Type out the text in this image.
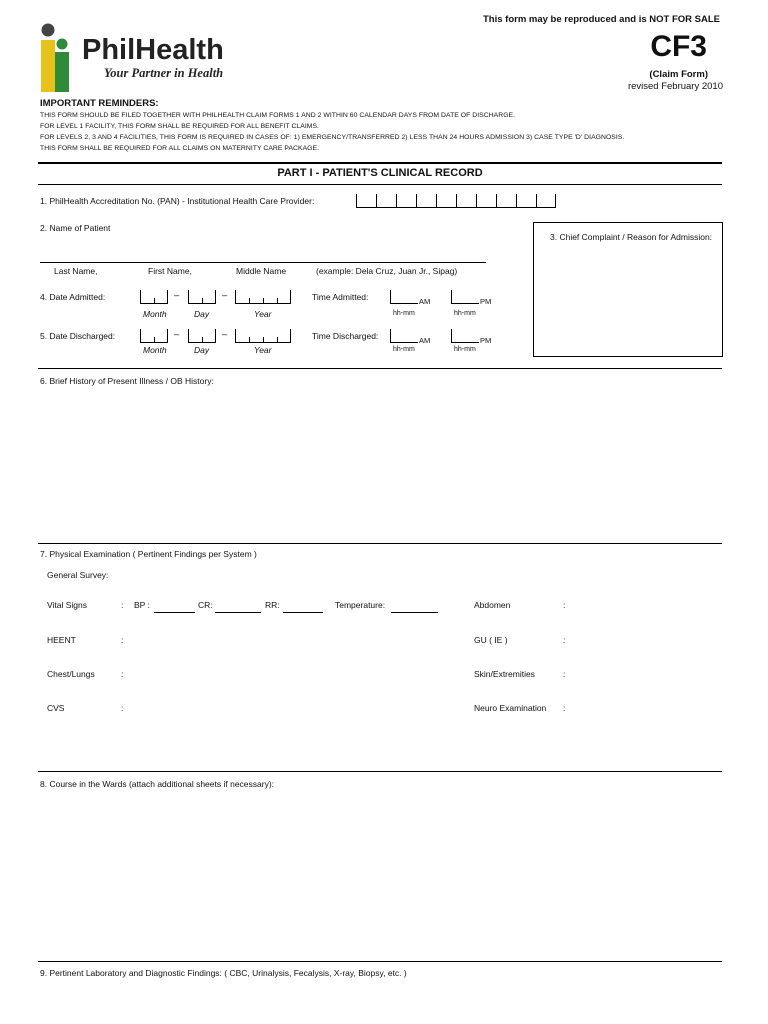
PhilHealth
Your Partner in Health
This form may be reproduced and is NOT FOR SALE
CF3
(Claim Form)
revised February 2010
IMPORTANT REMINDERS:
THIS FORM SHOULD BE FILED TOGETHER WITH PHILHEALTH CLAIM FORMS 1 AND 2 WITHIN 60 CALENDAR DAYS FROM DATE OF DISCHARGE.
FOR LEVEL 1 FACILITY, THIS FORM SHALL BE REQUIRED FOR ALL BENEFIT CLAIMS.
FOR LEVELS 2, 3 AND 4 FACILITIES, THIS FORM IS REQUIRED IN CASES OF: 1) EMERGENCY/TRANSFERRED 2) LESS THAN 24 HOURS ADMISSION 3) CASE TYPE 'D' DIAGNOSIS.
THIS FORM SHALL BE REQUIRED FOR ALL CLAIMS ON MATERNITY CARE PACKAGE.
PART I - PATIENT'S CLINICAL RECORD
1. PhilHealth Accreditation No. (PAN) - Institutional Health Care Provider:
2. Name of Patient
Last Name,	First Name,	Middle Name	(example: Dela Cruz, Juan Jr., Sipag)
3. Chief Complaint / Reason for Admission:
4. Date Admitted:	–	–
Month	Day	Year
Time Admitted:	AM	PM
hh-mm	hh-mm
5. Date Discharged:	–	–
Month	Day	Year
Time Discharged:	AM	PM
hh-mm	hh-mm
6. Brief History of Present Illness / OB History:
7. Physical Examination ( Pertinent Findings per System )
General Survey:
Vital Signs	: BP :	CR:	RR:	Temperature:
HEENT	:
Chest/Lungs	:
CVS	:
Abdomen	:
GU ( IE )	:
Skin/Extremities	:
Neuro Examination :
8. Course in the Wards (attach additional sheets if necessary):
9. Pertinent Laboratory and Diagnostic Findings: ( CBC, Urinalysis, Fecalysis, X-ray, Biopsy, etc. )
